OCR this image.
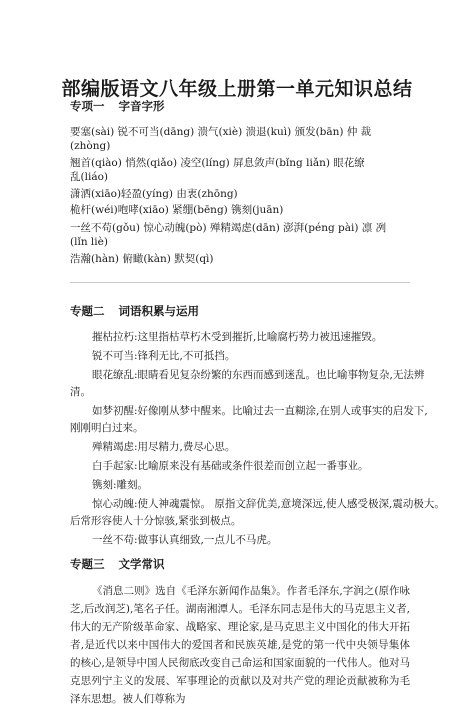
部编版语文八年级上册第一单元知识总结
专项一 字音字形
要塞(sài) 锐不可当(dāng) 溃气(xiè) 溃退(kuì) 颁发(bān) 仲 裁
(zhòng)
翘首(qiào) 悄然(qiǎo) 凌空(líng) 屏息敛声(bǐng liǎn) 眼花缭
乱(liáo)
潇洒(xiāo)轻盈(yíng) 由衷(zhōng)
桅杆(wéi)咆哮(xiāo) 紧绷(bēng) 镌刻(juān)
一丝不苟(gǒu) 惊心动魄(pò) 殚精竭虑(dān) 澎湃(péng pài) 凛 冽
(lǐn liè)
浩瀚(hàn) 俯瞰(kàn) 默契(qì)
专题二 词语积累与运用
摧枯拉朽:这里指枯草朽木受到摧折,比喻腐朽势力被迅速摧毁。
锐不可当:锋利无比,不可抵挡。
眼花缭乱:眼睛看见复杂纷繁的东西而感到迷乱。也比喻事物复杂,无法辨
清。
如梦初醒:好像刚从梦中醒来。比喻过去一直糊涂,在别人或事实的启发下,
刚刚明白过来。
殚精竭虑:用尽精力,费尽心思。
白手起家:比喻原来没有基础或条件很差而创立起一番事业。
镌刻:雕刻。
惊心动魄:使人神魂震惊。 原指文辞优美,意境深远,使人感受极深,震动极大。
后常形容使人十分惊骇,紧张到极点。
一丝不苟:做事认真细致,一点儿不马虎。
专题三 文学常识
《消息二则》选自《毛泽东新闻作品集》。作者毛泽东,字润之(原作咏芝,后改润芝),笔名子任。湖南湘潭人。毛泽东同志是伟大的马克思主义者,伟大的无产阶级革命家、战略家、理论家,是马克思主义中国化的伟大开拓者,是近代以来中国伟大的爱国者和民族英雄,是党的第一代中央领导集体的核心,是领导中国人民彻底改变自己命运和国家面貌的一代伟人。他对马克思列宁主义的发展、军事理论的贡献以及对共产党的理论贡献被称为毛泽东思想。被人们尊称为
